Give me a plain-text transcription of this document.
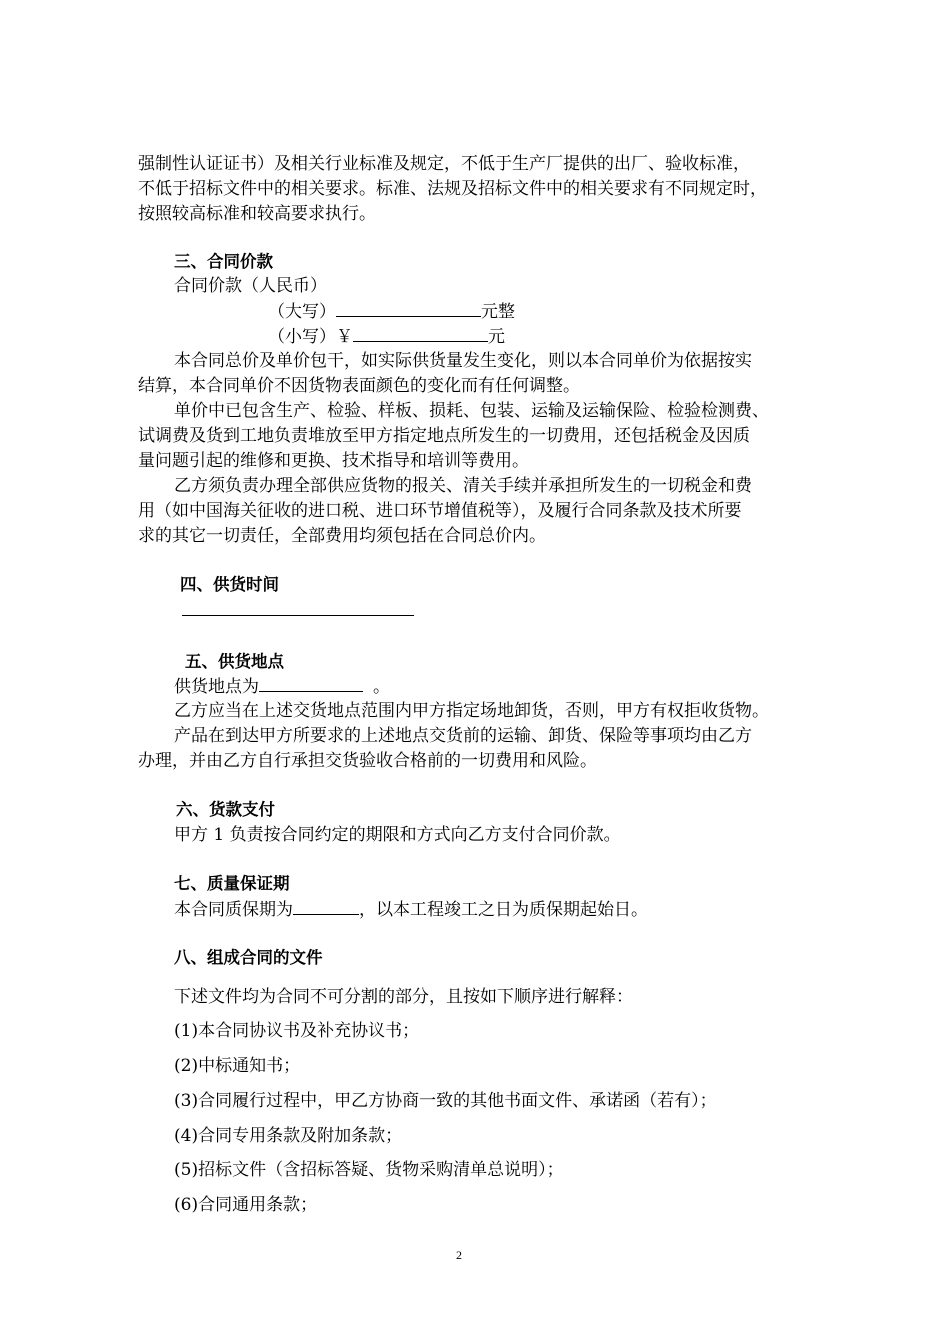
强制性认证证书）及相关行业标准及规定，不低于生产厂提供的出厂、验收标准，
不低于招标文件中的相关要求。标准、法规及招标文件中的相关要求有不同规定时，
按照较高标准和较高要求执行。
三、合同价款
合同价款（人民币）
（大写）	元整
（小写）￥	元
本合同总价及单价包干，如实际供货量发生变化，则以本合同单价为依据按实
结算，本合同单价不因货物表面颜色的变化而有任何调整。
单价中已包含生产、检验、样板、损耗、包装、运输及运输保险、检验检测费、
试调费及货到工地负责堆放至甲方指定地点所发生的一切费用，还包括税金及因质
量问题引起的维修和更换、技术指导和培训等费用。
乙方须负责办理全部供应货物的报关、清关手续并承担所发生的一切税金和费
用（如中国海关征收的进口税、进口环节增值税等），及履行合同条款及技术所要
求的其它一切责任，全部费用均须包括在合同总价内。
四、供货时间
五、供货地点
供货地点为	。
乙方应当在上述交货地点范围内甲方指定场地卸货，否则，甲方有权拒收货物。
产品在到达甲方所要求的上述地点交货前的运输、卸货、保险等事项均由乙方
办理，并由乙方自行承担交货验收合格前的一切费用和风险。
六、货款支付
甲方 1 负责按合同约定的期限和方式向乙方支付合同价款。
七、质量保证期
本合同质保期为	，以本工程竣工之日为质保期起始日。
八、组成合同的文件
下述文件均为合同不可分割的部分，且按如下顺序进行解释：
(1)本合同协议书及补充协议书；
(2)中标通知书；
(3)合同履行过程中，甲乙方协商一致的其他书面文件、承诺函（若有）；
(4)合同专用条款及附加条款；
(5)招标文件（含招标答疑、货物采购清单总说明）；
(6)合同通用条款；
2
